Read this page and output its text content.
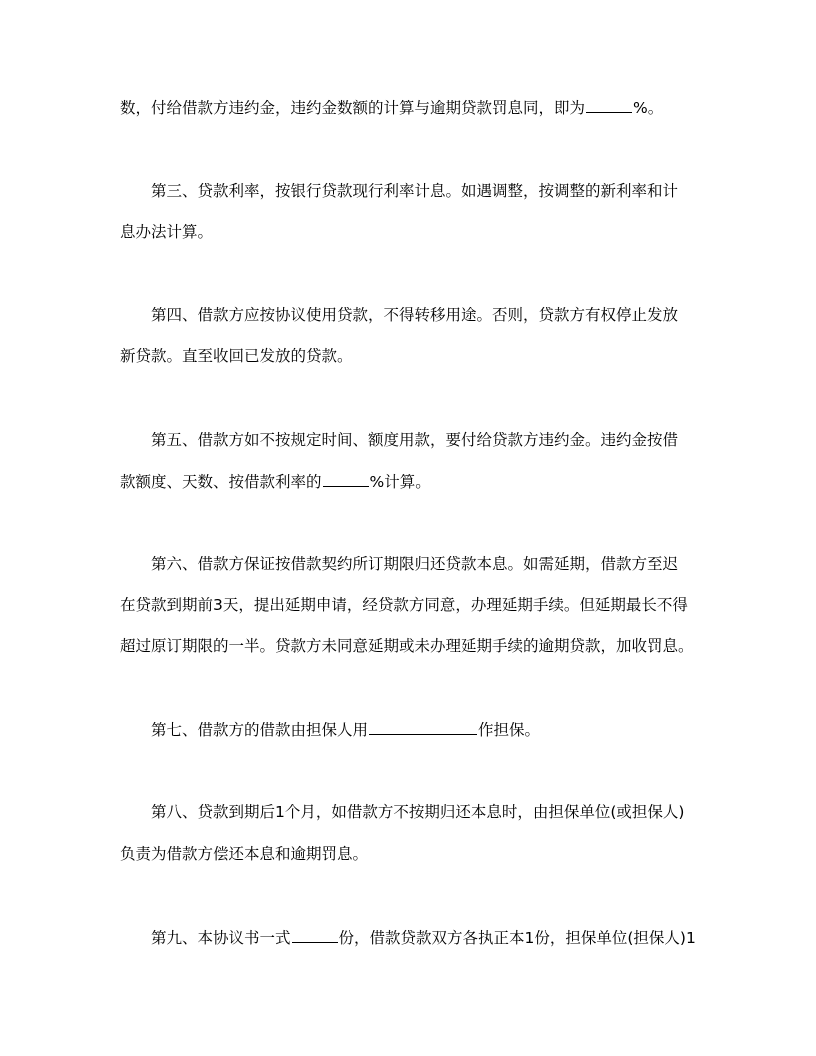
数，付给借款方违约金，违约金数额的计算与逾期贷款罚息同，即为	%。
第三、贷款利率，按银行贷款现行利率计息。如遇调整，按调整的新利率和计
息办法计算。
第四、借款方应按协议使用贷款，不得转移用途。否则，贷款方有权停止发放
新贷款。直至收回已发放的贷款。
第五、借款方如不按规定时间、额度用款，要付给贷款方违约金。违约金按借
款额度、天数、按借款利率的	%计算。
第六、借款方保证按借款契约所订期限归还贷款本息。如需延期，借款方至迟
在贷款到期前3天，提出延期申请，经贷款方同意，办理延期手续。但延期最长不得
超过原订期限的一半。贷款方未同意延期或未办理延期手续的逾期贷款，加收罚息。
第七、借款方的借款由担保人用	作担保。
第八、贷款到期后1个月，如借款方不按期归还本息时，由担保单位(或担保人)
负责为借款方偿还本息和逾期罚息。
第九、本协议书一式	份，借款贷款双方各执正本1份，担保单位(担保人)1
